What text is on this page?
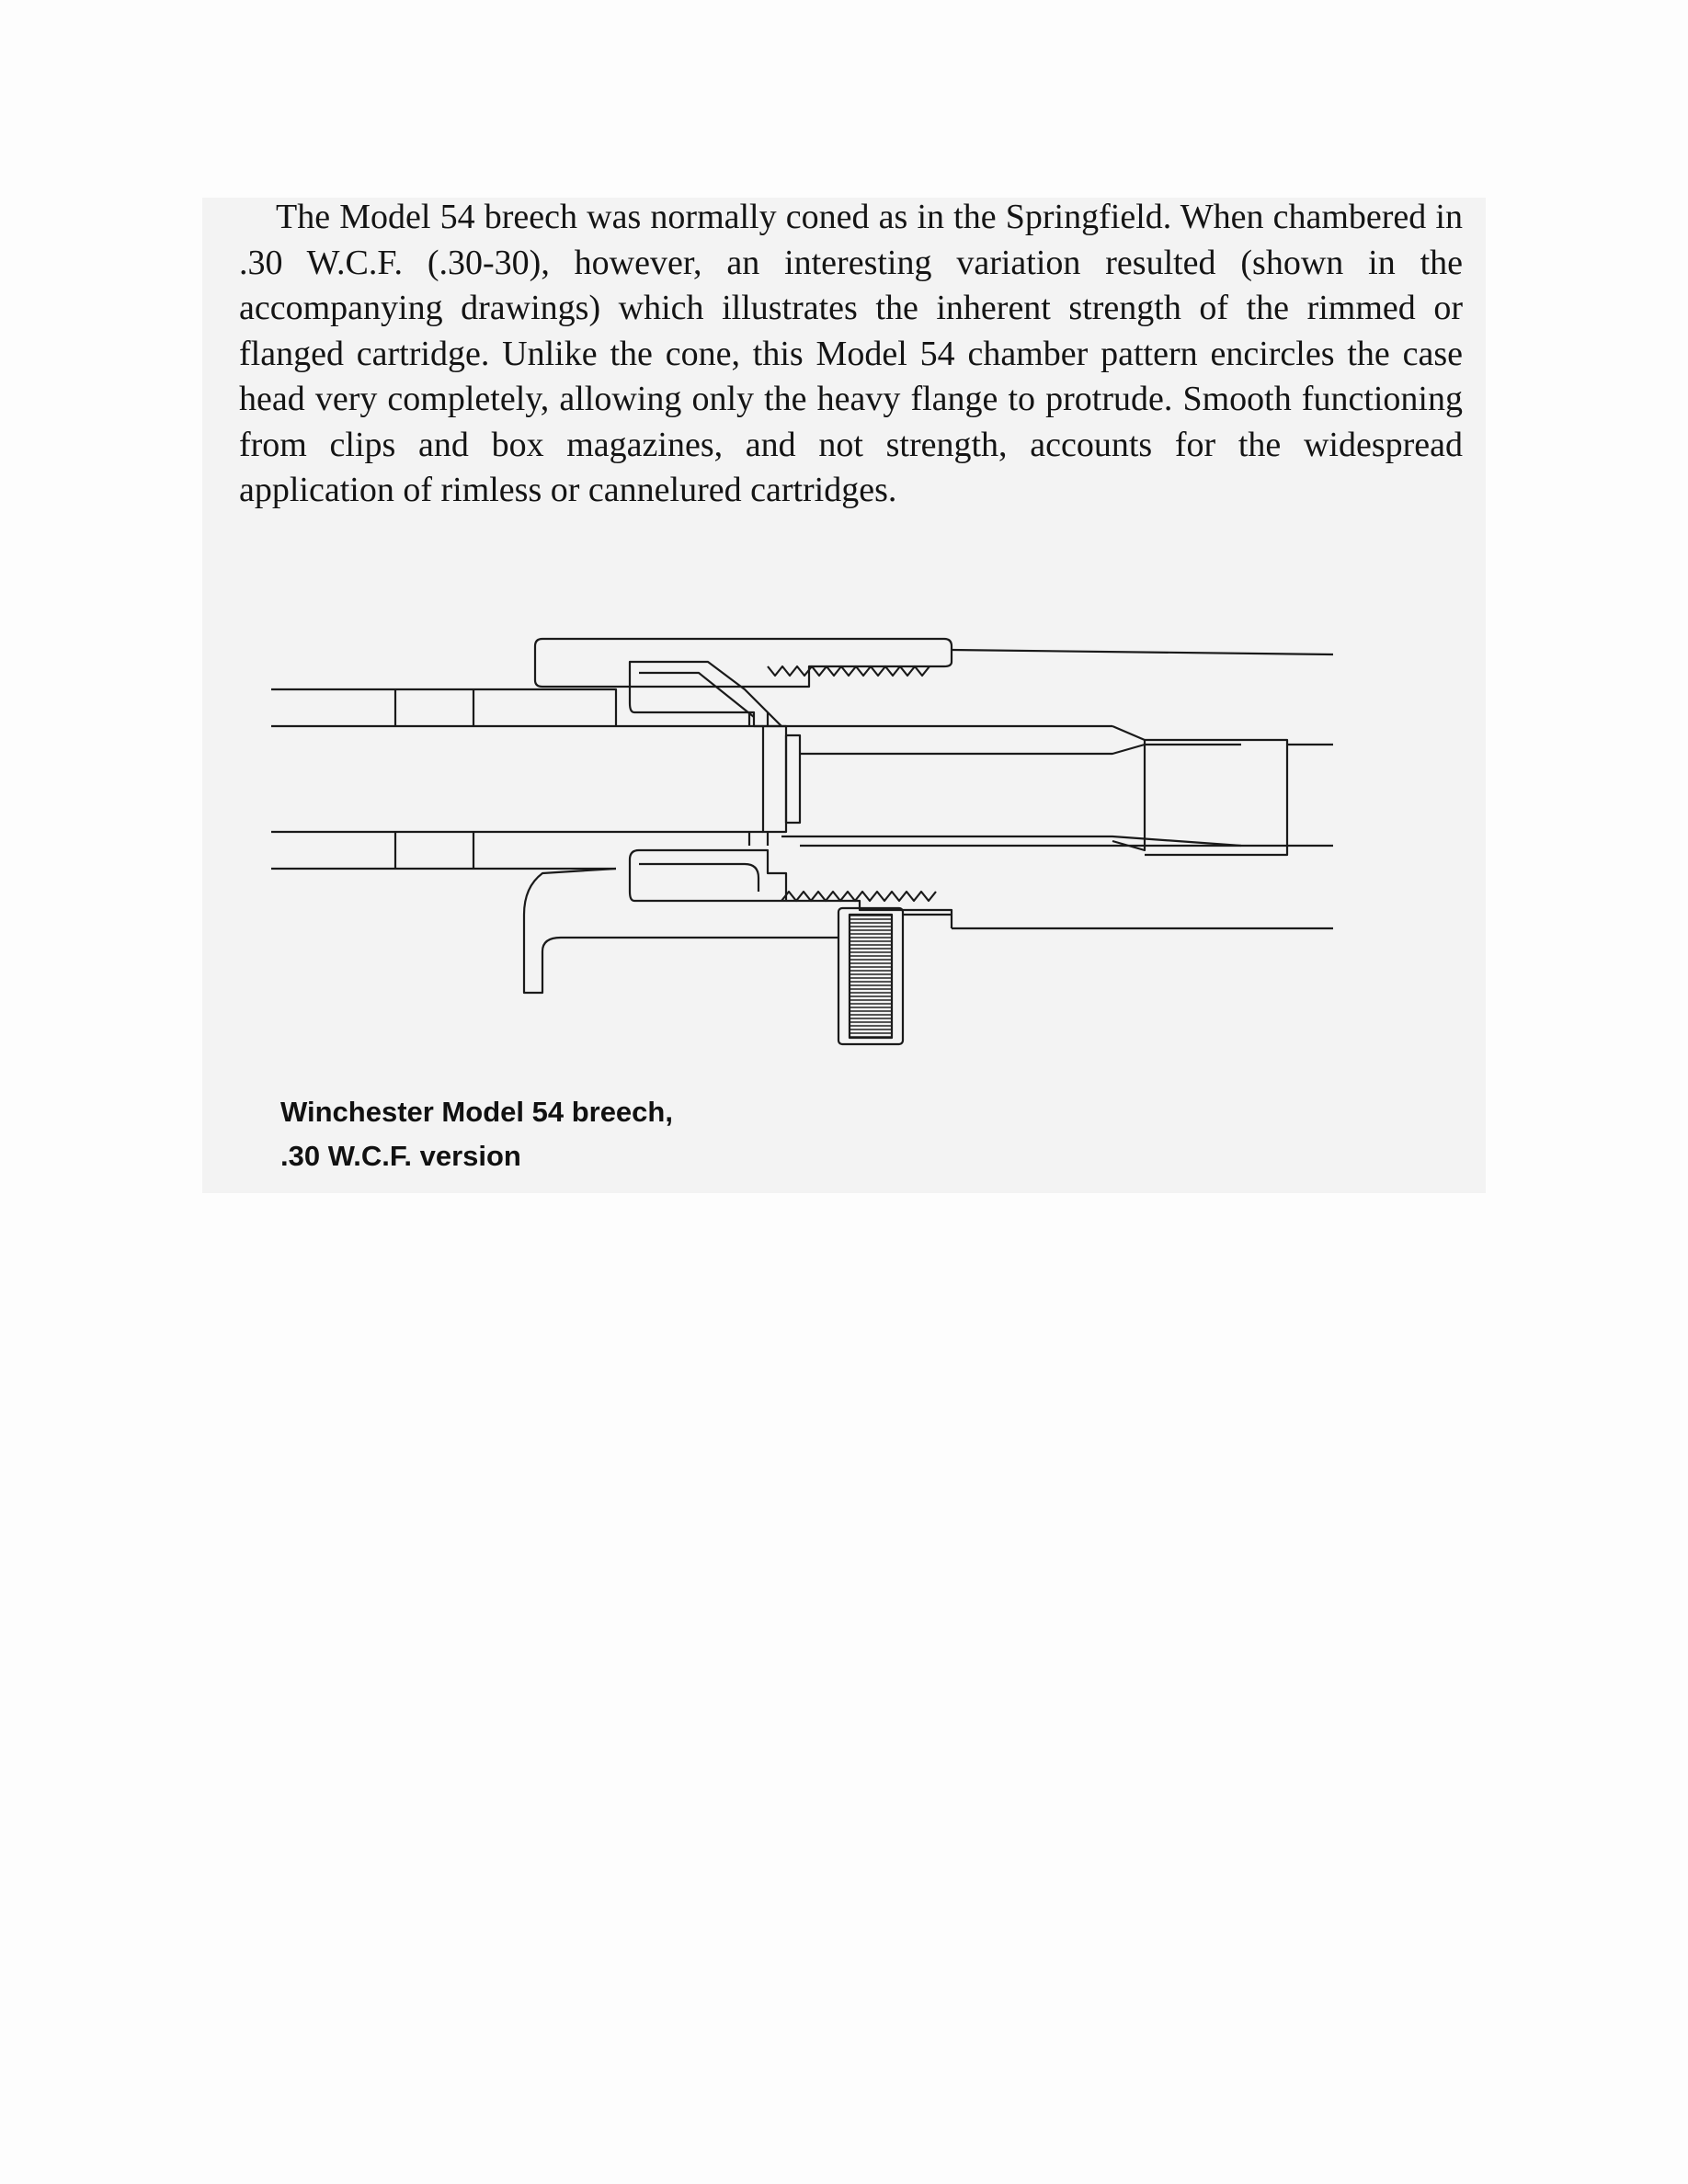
The Model 54 breech was normally coned as in the Springfield. When chambered in .30 W.C.F. (.30-30), however, an interesting variation resulted (shown in the accompanying drawings) which illustrates the inherent strength of the rimmed or flanged cartridge. Unlike the cone, this Model 54 chamber pattern encircles the case head very completely, allowing only the heavy flange to protrude. Smooth functioning from clips and box magazines, and not strength, accounts for the widespread application of rimless or cannelured cartridges.

Winchester Model 54 breech,
.30 W.C.F. version
